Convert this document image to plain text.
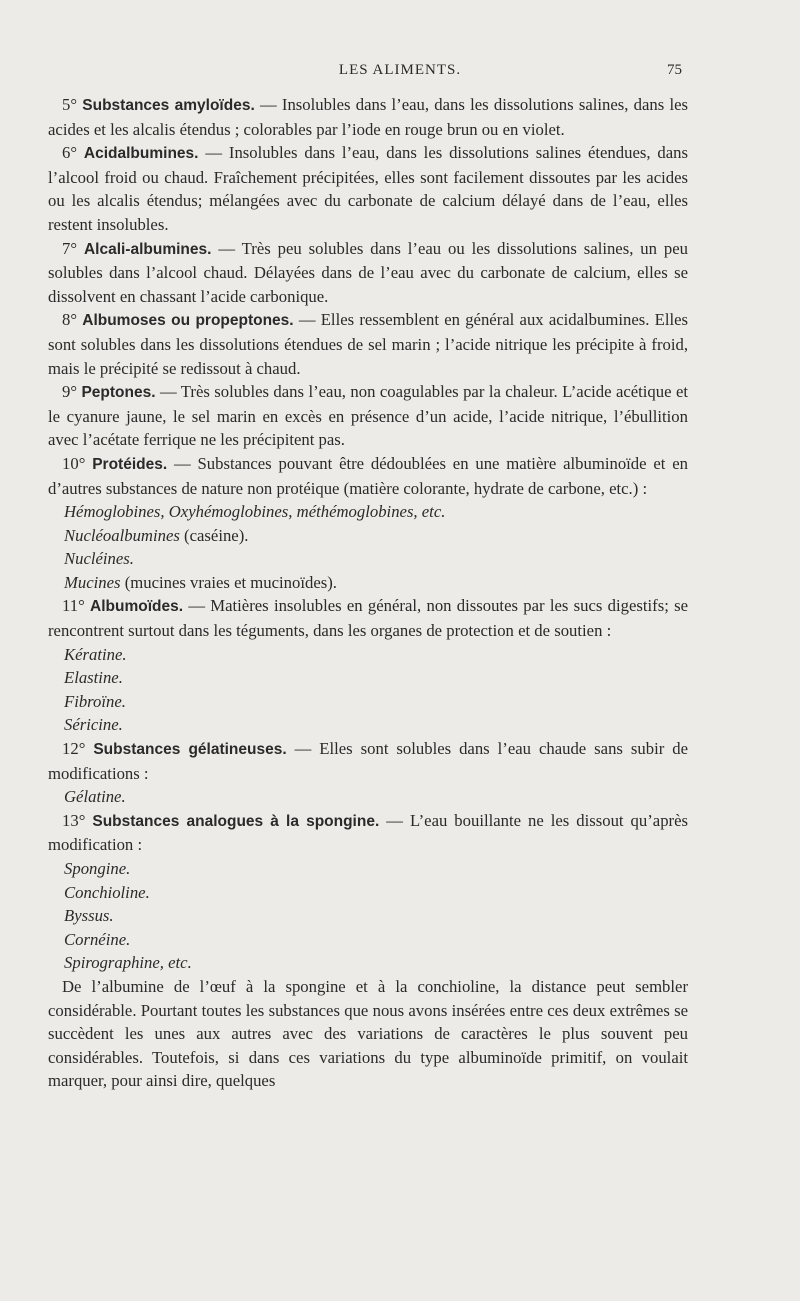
LES ALIMENTS.	75

5° Substances amyloïdes. — Insolubles dans l’eau, dans les dissolutions salines, dans les acides et les alcalis étendus ; colorables par l’iode en rouge brun ou en violet.

6° Acidalbumines. — Insolubles dans l’eau, dans les dissolutions salines étendues, dans l’alcool froid ou chaud. Fraîchement précipitées, elles sont facilement dissoutes par les acides ou les alcalis étendus; mélangées avec du carbonate de calcium délayé dans de l’eau, elles restent insolubles.

7° Alcali-albumines. — Très peu solubles dans l’eau ou les dissolutions salines, un peu solubles dans l’alcool chaud. Délayées dans de l’eau avec du carbonate de calcium, elles se dissolvent en chassant l’acide carbonique.

8° Albumoses ou propeptones. — Elles ressemblent en général aux acidalbumines. Elles sont solubles dans les dissolutions étendues de sel marin ; l’acide nitrique les précipite à froid, mais le précipité se redissout à chaud.

9° Peptones. — Très solubles dans l’eau, non coagulables par la chaleur. L’acide acétique et le cyanure jaune, le sel marin en excès en présence d’un acide, l’acide nitrique, l’ébullition avec l’acétate ferrique ne les précipitent pas.

10° Protéides. — Substances pouvant être dédoublées en une matière albuminoïde et en d’autres substances de nature non protéique (matière colorante, hydrate de carbone, etc.) :

Hémoglobines, Oxyhémoglobines, méthémoglobines, etc.
Nucléoalbumines (caséine).
Nucléines.
Mucines (mucines vraies et mucinoïdes).

11° Albumoïdes. — Matières insolubles en général, non dissoutes par les sucs digestifs; se rencontrent surtout dans les téguments, dans les organes de protection et de soutien :

Kératine.
Elastine.
Fibroïne.
Séricine.

12° Substances gélatineuses. — Elles sont solubles dans l’eau chaude sans subir de modifications :

Gélatine.

13° Substances analogues à la spongine. — L’eau bouillante ne les dissout qu’après modification :

Spongine.
Conchioline.
Byssus.
Cornéine.
Spirographine, etc.

De l’albumine de l’œuf à la spongine et à la conchioline, la distance peut sembler considérable. Pourtant toutes les substances que nous avons insérées entre ces deux extrêmes se succèdent les unes aux autres avec des variations de caractères le plus souvent peu considérables. Toutefois, si dans ces variations du type albuminoïde primitif, on voulait marquer, pour ainsi dire, quelques
